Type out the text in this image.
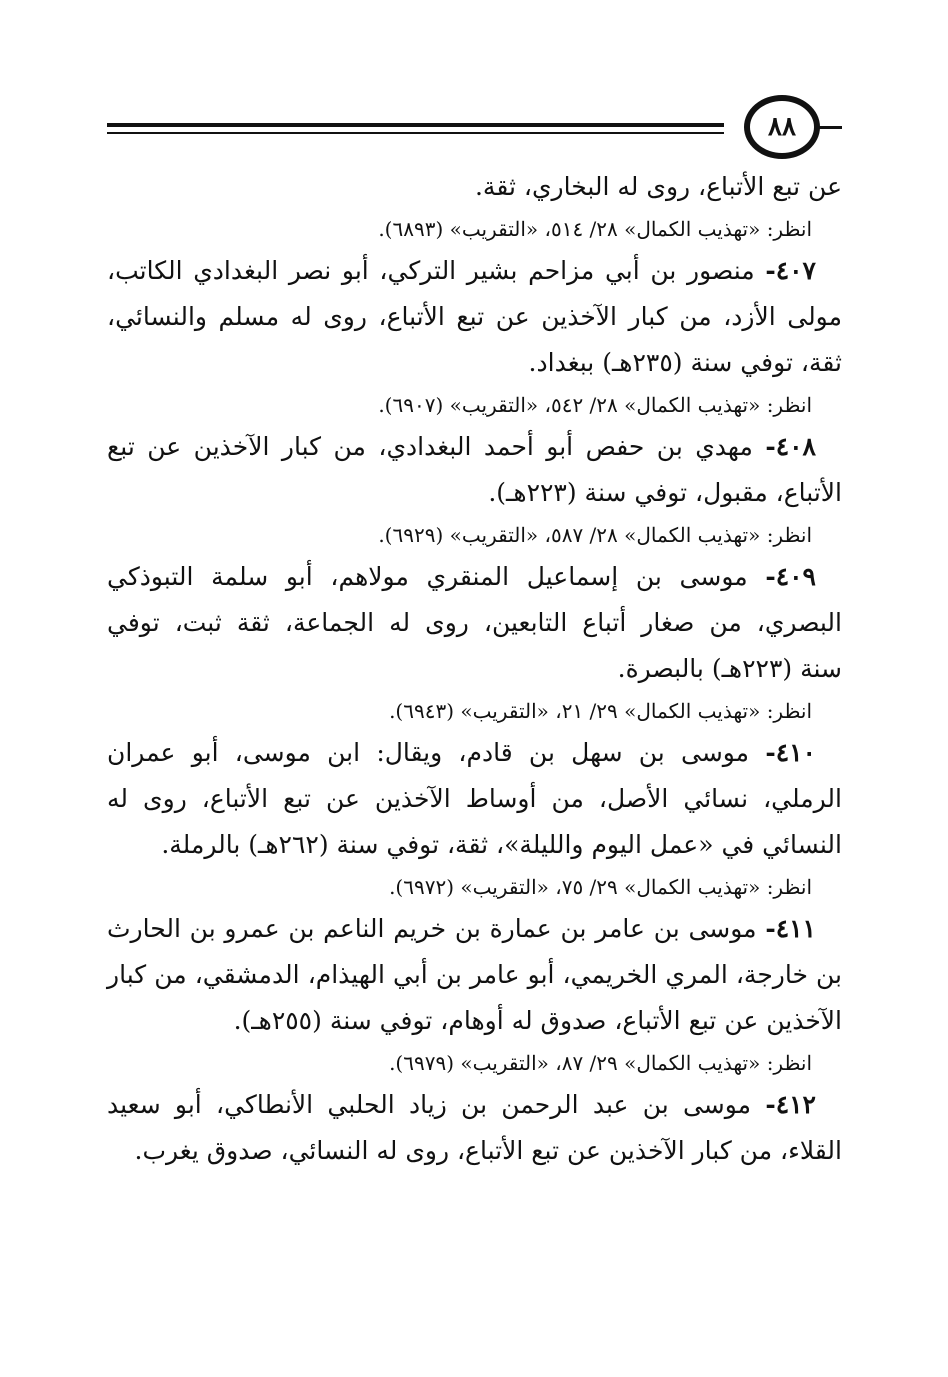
٨٨
عن تبع الأتباع، روى له البخاري، ثقة.
انظر: «تهذيب الكمال» ٢٨/ ٥١٤، «التقريب» (٦٨٩٣).
٤٠٧- منصور بن أبي مزاحم بشير التركي، أبو نصر البغدادي الكاتب،
مولى الأزد، من كبار الآخذين عن تبع الأتباع، روى له مسلم والنسائي،
ثقة، توفي سنة (٢٣٥هـ) ببغداد.
انظر: «تهذيب الكمال» ٢٨/ ٥٤٢، «التقريب» (٦٩٠٧).
٤٠٨- مهدي بن حفص أبو أحمد البغدادي، من كبار الآخذين عن تبع
الأتباع، مقبول، توفي سنة (٢٢٣هـ).
انظر: «تهذيب الكمال» ٢٨/ ٥٨٧، «التقريب» (٦٩٢٩).
٤٠٩- موسى بن إسماعيل المنقري مولاهم، أبو سلمة التبوذكي
البصري، من صغار أتباع التابعين، روى له الجماعة، ثقة ثبت، توفي
سنة (٢٢٣هـ) بالبصرة.
انظر: «تهذيب الكمال» ٢٩/ ٢١، «التقريب» (٦٩٤٣).
٤١٠- موسى بن سهل بن قادم، ويقال: ابن موسى، أبو عمران
الرملي، نسائي الأصل، من أوساط الآخذين عن تبع الأتباع، روى له
النسائي في «عمل اليوم والليلة»، ثقة، توفي سنة (٢٦٢هـ) بالرملة.
انظر: «تهذيب الكمال» ٢٩/ ٧٥، «التقريب» (٦٩٧٢).
٤١١- موسى بن عامر بن عمارة بن خريم الناعم بن عمرو بن الحارث
بن خارجة، المري الخريمي، أبو عامر بن أبي الهيذام، الدمشقي، من كبار
الآخذين عن تبع الأتباع، صدوق له أوهام، توفي سنة (٢٥٥هـ).
انظر: «تهذيب الكمال» ٢٩/ ٨٧، «التقريب» (٦٩٧٩).
٤١٢- موسى بن عبد الرحمن بن زياد الحلبي الأنطاكي، أبو سعيد
القلاء، من كبار الآخذين عن تبع الأتباع، روى له النسائي، صدوق يغرب.
